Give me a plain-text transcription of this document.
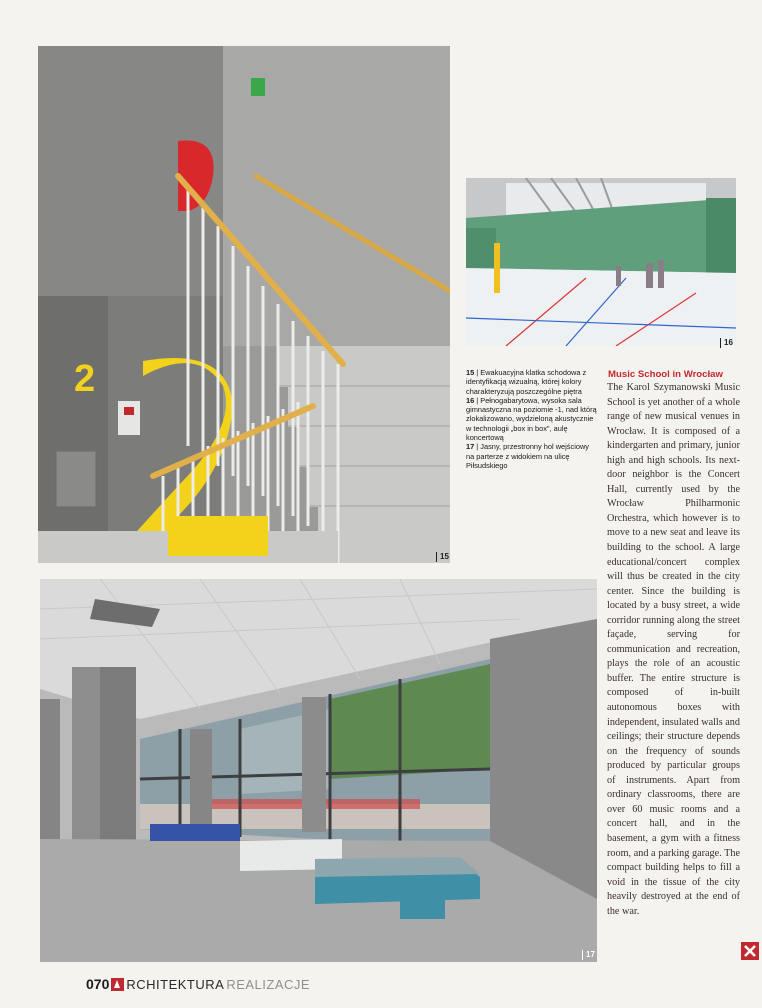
2
15
16

15 | Ewakuacyjna klatka schodowa z identyfikacją wizualną, której kolory charakteryzują poszczególne piętra

16 | Pełnogabarytowa, wysoka sala gimnastyczna na poziomie -1, nad którą zlokalizowano, wydzieloną akustycznie w technologii „box in box", aulę koncertową

17 | Jasny, przestronny hol wejściowy na parterze z widokiem na ulicę Piłsudskiego

Music School in Wrocław

The Karol Szymanowski Music School is yet another of a whole range of new musical venues in Wrocław. It is composed of a kindergarten and primary, junior high and high schools. Its next-door neighbor is the Concert Hall, currently used by the Wrocław Philharmonic Orchestra, which however is to move to a new seat and leave its building to the school. A large educational/concert complex will thus be created in the city center. Since the building is located by a busy street, a wide corridor running along the street façade, serving for communication and recreation, plays the role of an acoustic buffer. The entire structure is composed of in-built autonomous boxes with independent, insulated walls and ceilings; their structure depends on the frequency of sounds produced by particular groups of instruments. Apart from ordinary classrooms, there are over 60 music rooms and a concert hall, and in the basement, a gym with a fitness room, and a parking garage. The compact building helps to fill a void in the tissue of the city heavily destroyed at the end of the war.

17
070 RCHITEKTURA REALIZACJE
